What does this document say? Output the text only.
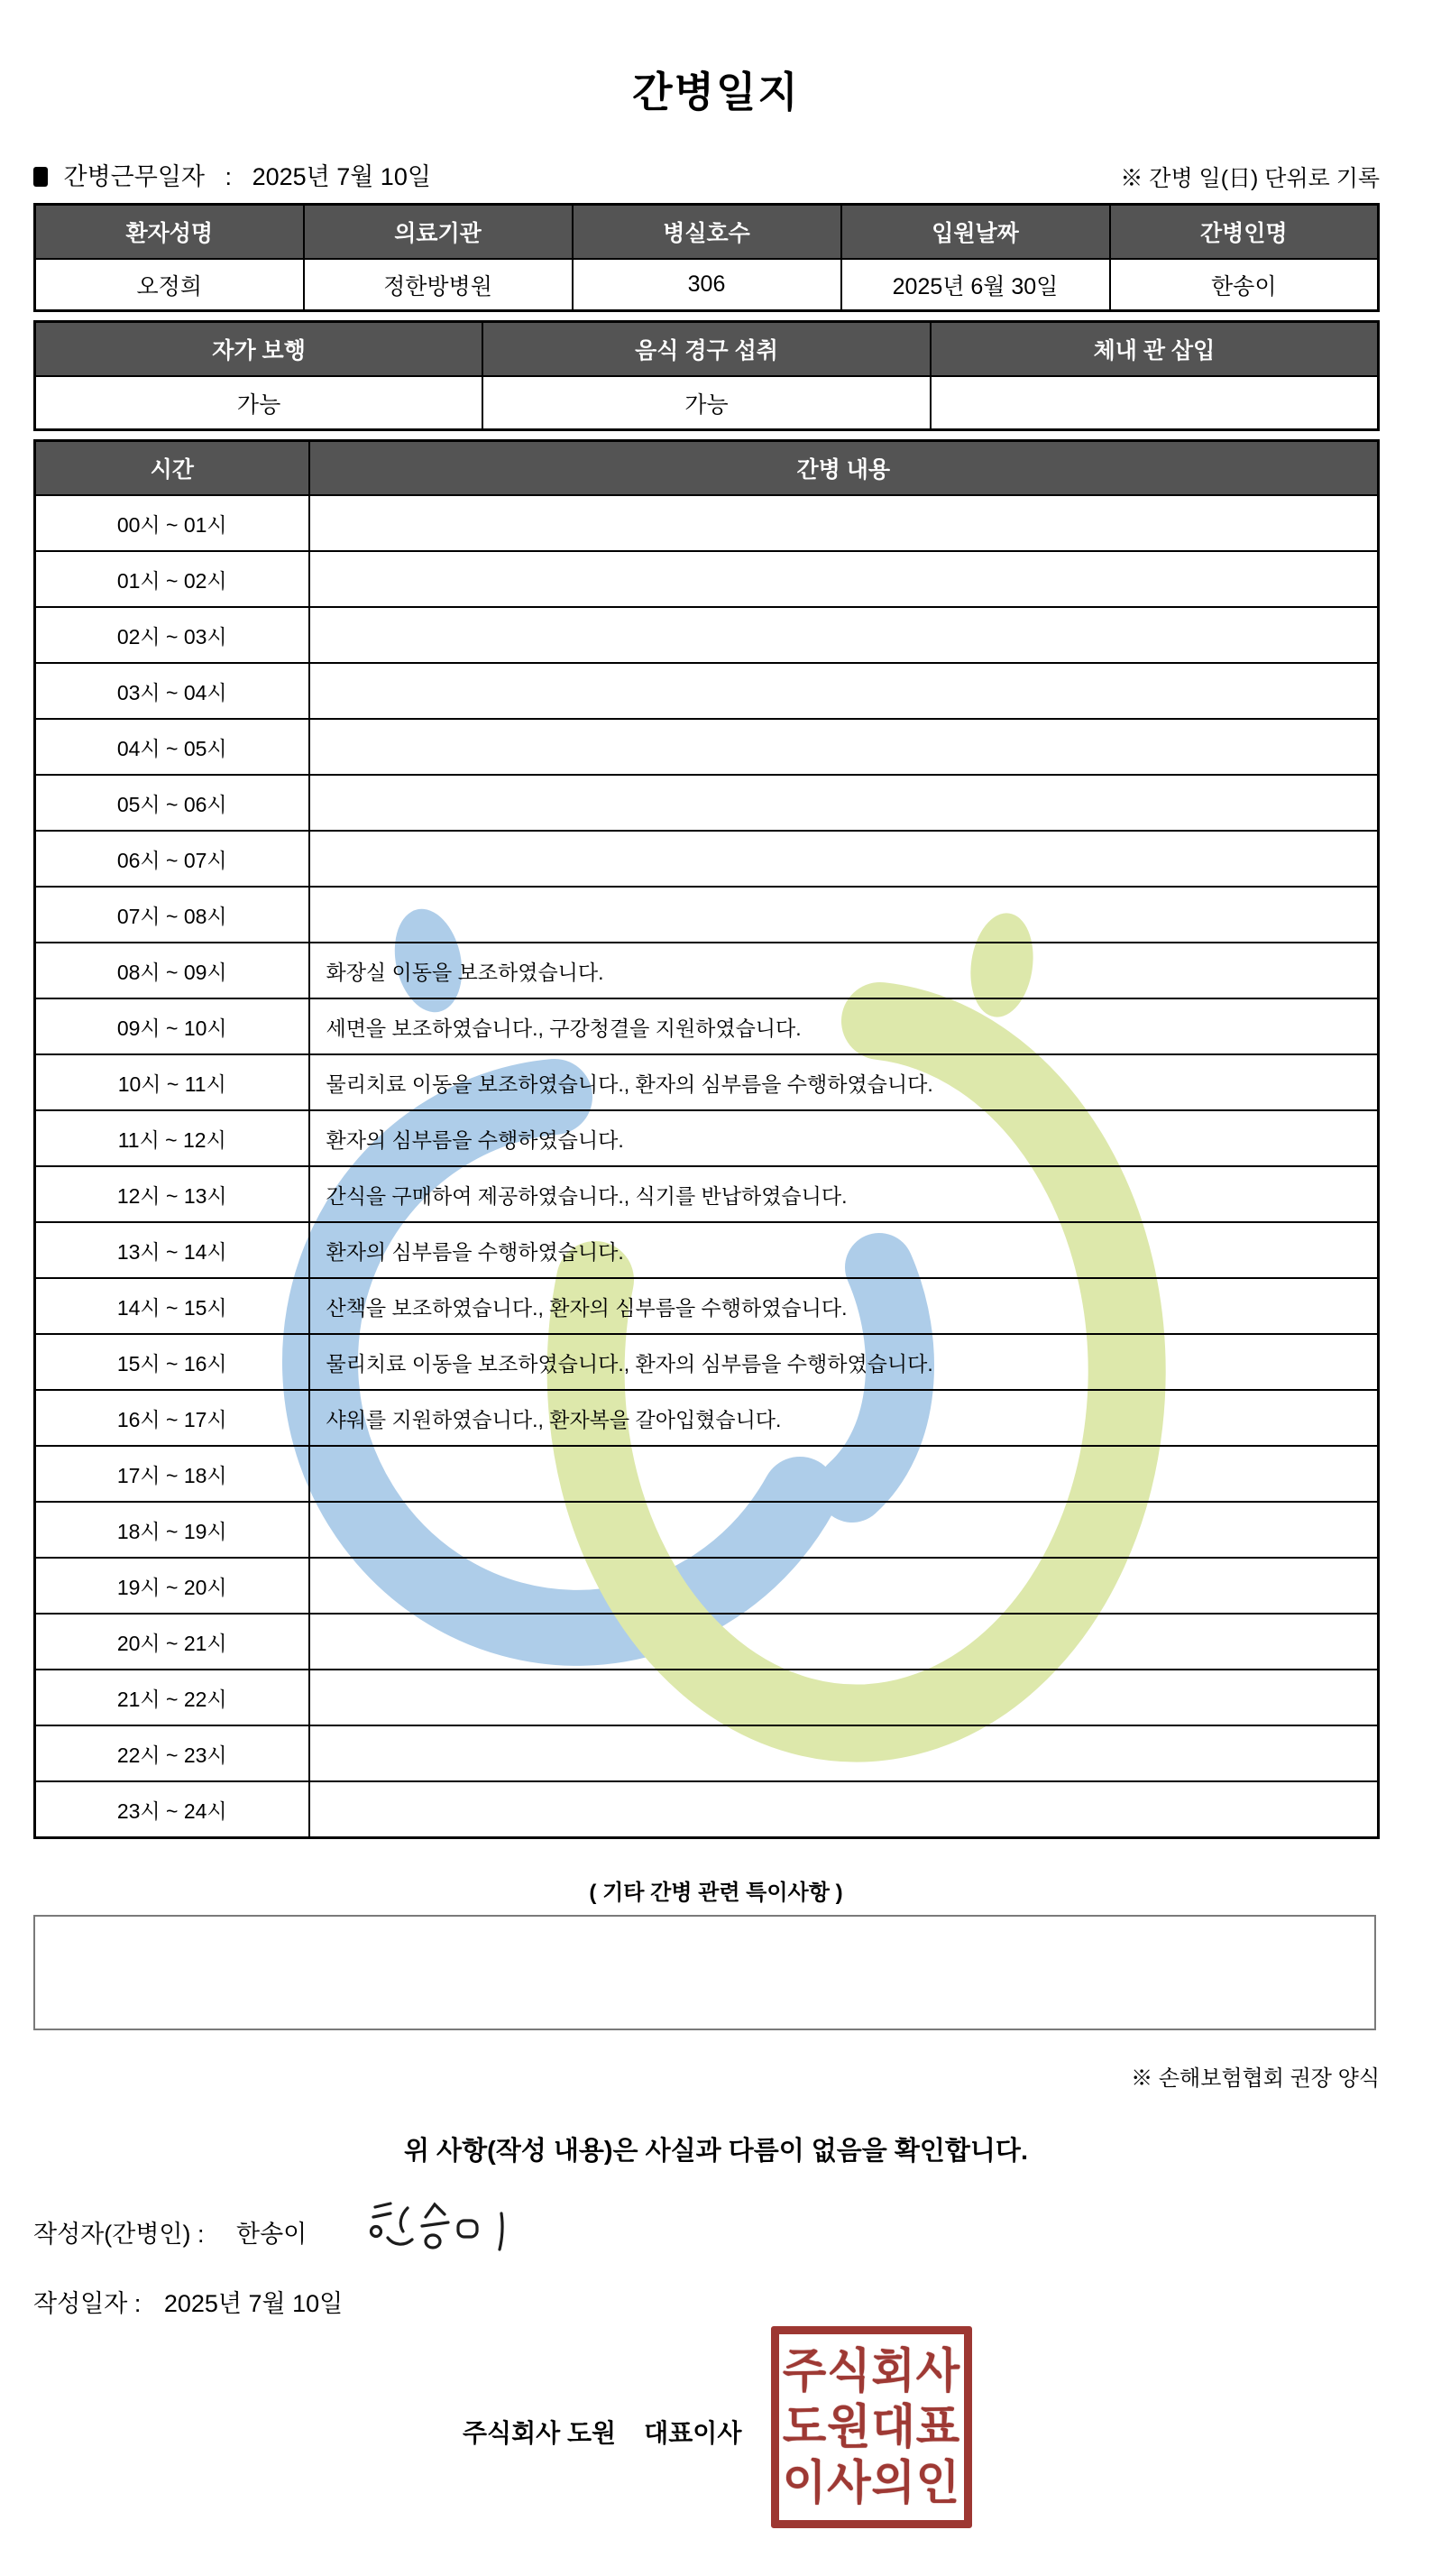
간병일지
간병근무일자   :   2025년 7월 10일	※ 간병 일(日) 단위로 기록
환자성명	의료기관	병실호수	입원날짜	간병인명
오정희	정한방병원	306	2025년 6월 30일	한송이
자가 보행	음식 경구 섭취	체내 관 삽입
가능	가능	
시간	간병 내용
00시 ~ 01시	
01시 ~ 02시	
02시 ~ 03시	
03시 ~ 04시	
04시 ~ 05시	
05시 ~ 06시	
06시 ~ 07시	
07시 ~ 08시	
08시 ~ 09시	화장실 이동을 보조하였습니다.
09시 ~ 10시	세면을 보조하였습니다., 구강청결을 지원하였습니다.
10시 ~ 11시	물리치료 이동을 보조하였습니다., 환자의 심부름을 수행하였습니다.
11시 ~ 12시	환자의 심부름을 수행하였습니다.
12시 ~ 13시	간식을 구매하여 제공하였습니다., 식기를 반납하였습니다.
13시 ~ 14시	환자의 심부름을 수행하였습니다.
14시 ~ 15시	산책을 보조하였습니다., 환자의 심부름을 수행하였습니다.
15시 ~ 16시	물리치료 이동을 보조하였습니다., 환자의 심부름을 수행하였습니다.
16시 ~ 17시	샤워를 지원하였습니다., 환자복을 갈아입혔습니다.
17시 ~ 18시	
18시 ~ 19시	
19시 ~ 20시	
20시 ~ 21시	
21시 ~ 22시	
22시 ~ 23시	
23시 ~ 24시	
( 기타 간병 관련 특이사항 )
※ 손해보험협회 권장 양식
위 사항(작성 내용)은 사실과 다름이 없음을 확인합니다.
작성자(간병인) : 한송이
작성일자 : 2025년 7월 10일
주식회사 도원    대표이사
주식회사
도원대표
이사의인
